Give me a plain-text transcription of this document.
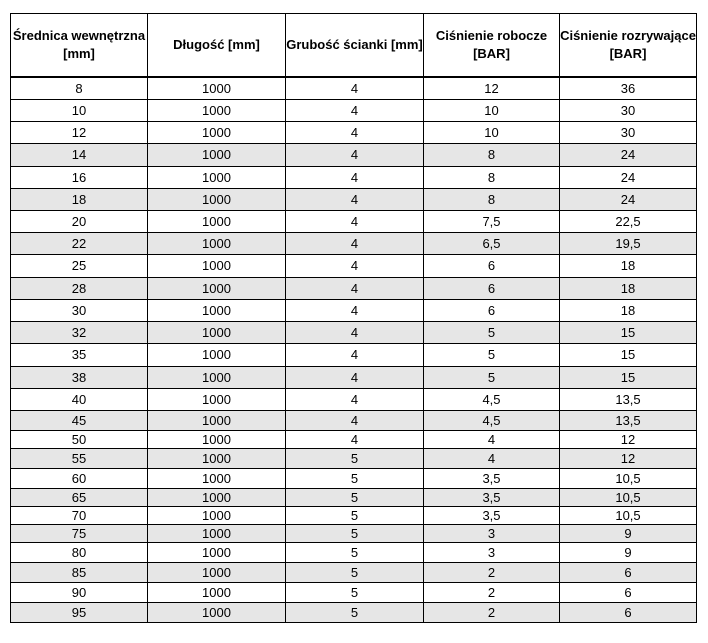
Średnica wewnętrzna [mm]	Długość [mm]	Grubość ścianki [mm]	Ciśnienie robocze [BAR]	Ciśnienie rozrywające [BAR]
8	1000	4	12	36
10	1000	4	10	30
12	1000	4	10	30
14	1000	4	8	24
16	1000	4	8	24
18	1000	4	8	24
20	1000	4	7,5	22,5
22	1000	4	6,5	19,5
25	1000	4	6	18
28	1000	4	6	18
30	1000	4	6	18
32	1000	4	5	15
35	1000	4	5	15
38	1000	4	5	15
40	1000	4	4,5	13,5
45	1000	4	4,5	13,5
50	1000	4	4	12
55	1000	5	4	12
60	1000	5	3,5	10,5
65	1000	5	3,5	10,5
70	1000	5	3,5	10,5
75	1000	5	3	9
80	1000	5	3	9
85	1000	5	2	6
90	1000	5	2	6
95	1000	5	2	6
